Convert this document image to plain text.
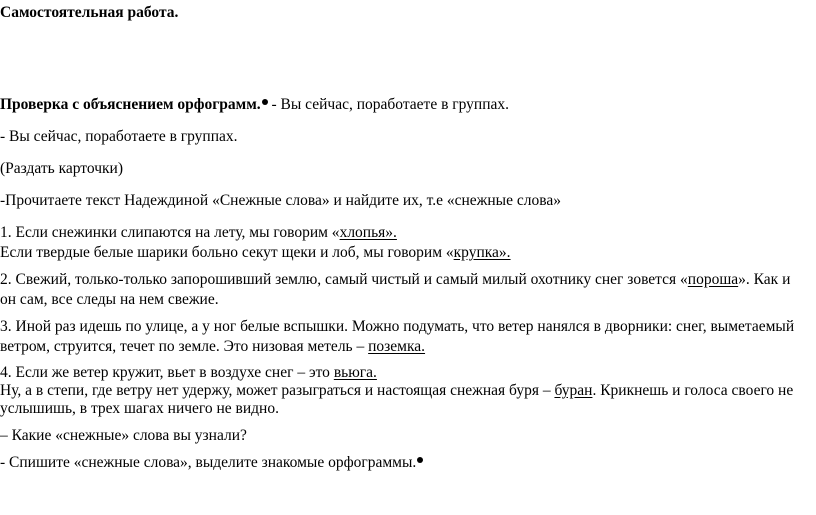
Самостоятельная работа.
Проверка с объяснением орфограмм. - Вы сейчас, поработаете в группах.
- Вы сейчас, поработаете в группах.
(Раздать карточки)
-Прочитаете текст Надеждиной «Снежные слова» и найдите их, т.е «снежные слова»
1. Если снежинки слипаются на лету, мы говорим «хлопья».
Если твердые белые шарики больно секут щеки и лоб, мы говорим «крупка».
2. Свежий, только-только запорошивший землю, самый чистый и самый милый охотнику снег зовется «пороша». Как и
он сам, все следы на нем свежие.
3. Иной раз идешь по улице, а у ног белые вспышки. Можно подумать, что ветер нанялся в дворники: снег, выметаемый
ветром, струится, течет по земле. Это низовая метель – поземка.
4. Если же ветер кружит, вьет в воздухе снег – это вьюга.
Ну, а в степи, где ветру нет удержу, может разыграться и настоящая снежная буря – буран. Крикнешь и голоса своего не
услышишь, в трех шагах ничего не видно.
– Какие «снежные» слова вы узнали?
- Спишите «снежные слова», выделите знакомые орфограммы.
